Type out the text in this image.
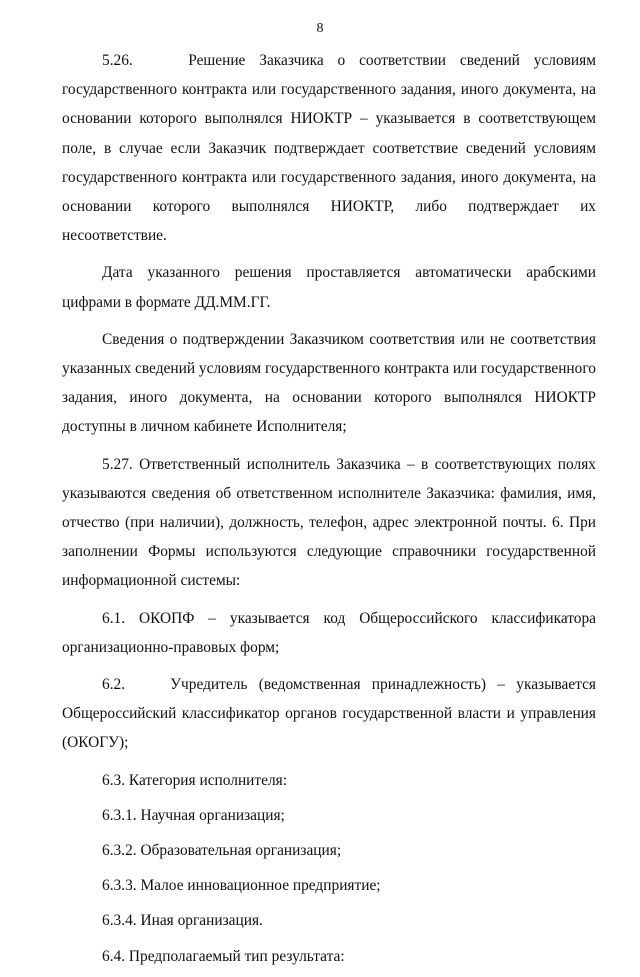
8

5.26.    Решение Заказчика о соответствии сведений условиям государственного контракта или государственного задания, иного документа, на основании которого выполнялся НИОКТР – указывается в соответствующем поле, в случае если Заказчик подтверждает соответствие сведений условиям государственного контракта или государственного задания, иного документа, на основании которого выполнялся НИОКТР, либо подтверждает их несоответствие.

Дата указанного решения проставляется автоматически арабскими цифрами в формате ДД.ММ.ГГ.

Сведения о подтверждении Заказчиком соответствия или не соответствия указанных сведений условиям государственного контракта или государственного задания, иного документа, на основании которого выполнялся НИОКТР доступны в личном кабинете Исполнителя;

5.27. Ответственный исполнитель Заказчика – в соответствующих полях указываются сведения об ответственном исполнителе Заказчика: фамилия, имя, отчество (при наличии), должность, телефон, адрес электронной почты. 6. При заполнении Формы используются следующие справочники государственной информационной системы:

6.1. ОКОПФ – указывается код Общероссийского классификатора организационно-правовых форм;

6.2.    Учредитель (ведомственная принадлежность) – указывается Общероссийский классификатор органов государственной власти и управления (ОКОГУ);

6.3. Категория исполнителя:

6.3.1. Научная организация;

6.3.2. Образовательная организация;

6.3.3. Малое инновационное предприятие;

6.3.4. Иная организация.

6.4. Предполагаемый тип результата:
